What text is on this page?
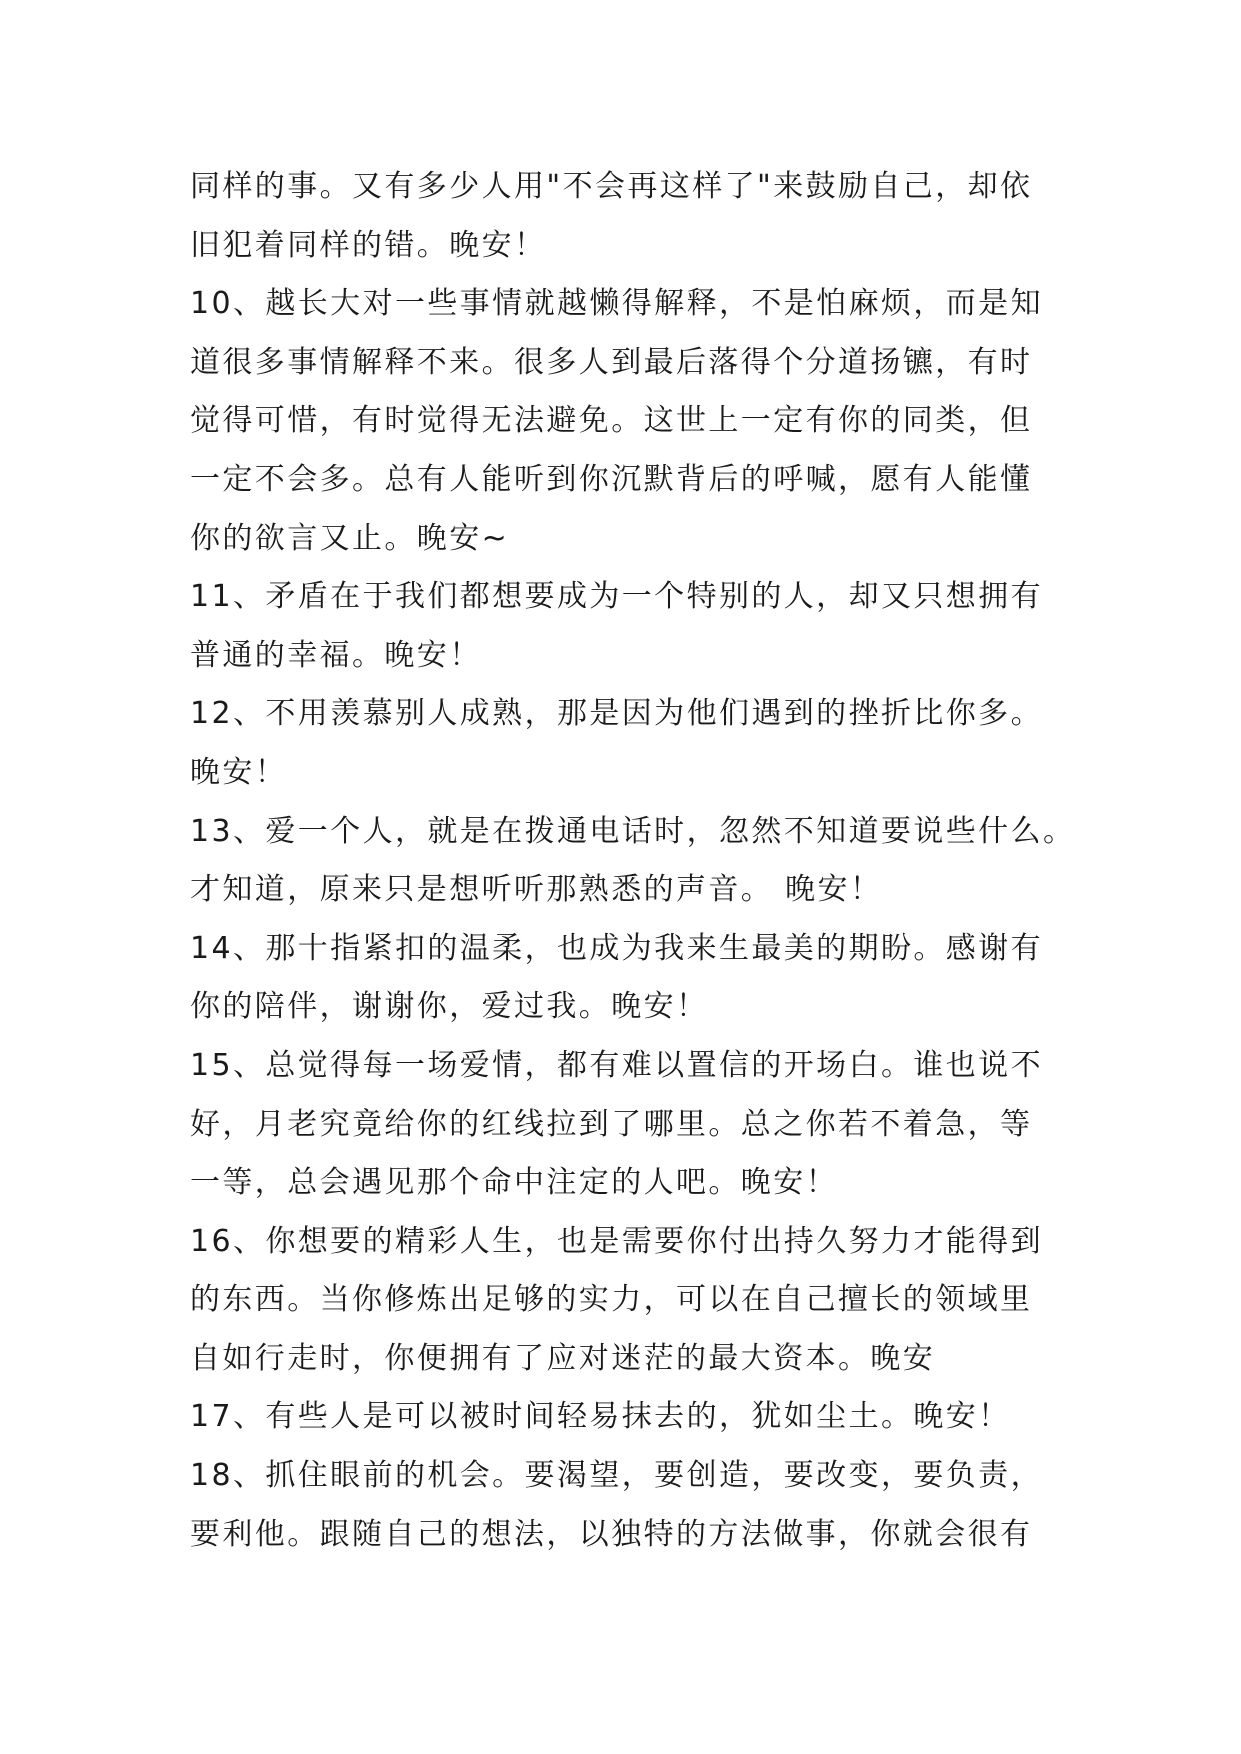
同样的事。又有多少人用"不会再这样了"来鼓励自己，却依
旧犯着同样的错。晚安！
10、越长大对一些事情就越懒得解释，不是怕麻烦，而是知
道很多事情解释不来。很多人到最后落得个分道扬镳，有时
觉得可惜，有时觉得无法避免。这世上一定有你的同类，但
一定不会多。总有人能听到你沉默背后的呼喊，愿有人能懂
你的欲言又止。晚安~
11、矛盾在于我们都想要成为一个特别的人，却又只想拥有
普通的幸福。晚安！
12、不用羡慕别人成熟，那是因为他们遇到的挫折比你多。
晚安！
13、爱一个人，就是在拨通电话时，忽然不知道要说些什么。
才知道，原来只是想听听那熟悉的声音。 晚安！
14、那十指紧扣的温柔，也成为我来生最美的期盼。感谢有
你的陪伴，谢谢你，爱过我。晚安！
15、总觉得每一场爱情，都有难以置信的开场白。谁也说不
好，月老究竟给你的红线拉到了哪里。总之你若不着急，等
一等，总会遇见那个命中注定的人吧。晚安！
16、你想要的精彩人生，也是需要你付出持久努力才能得到
的东西。当你修炼出足够的实力，可以在自己擅长的领域里
自如行走时，你便拥有了应对迷茫的最大资本。晚安
17、有些人是可以被时间轻易抹去的，犹如尘土。晚安！
18、抓住眼前的机会。要渴望，要创造，要改变，要负责，
要利他。跟随自己的想法，以独特的方法做事，你就会很有
